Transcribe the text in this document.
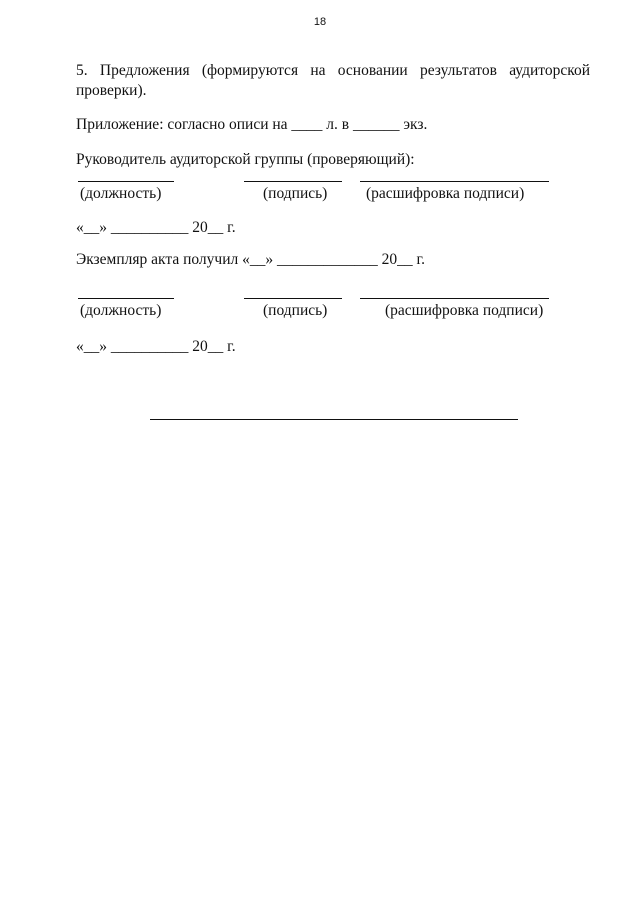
18
5. Предложения (формируются на основании результатов аудиторской
проверки).
Приложение: согласно описи на ____ л. в ______ экз.
Руководитель аудиторской группы (проверяющий):
(должность)	(подпись) (расшифровка подписи)
«__» __________ 20__ г.
Экземпляр акта получил «__» _____________ 20__ г.
(должность)	(подпись)	(расшифровка подписи)
«__» __________ 20__ г.
